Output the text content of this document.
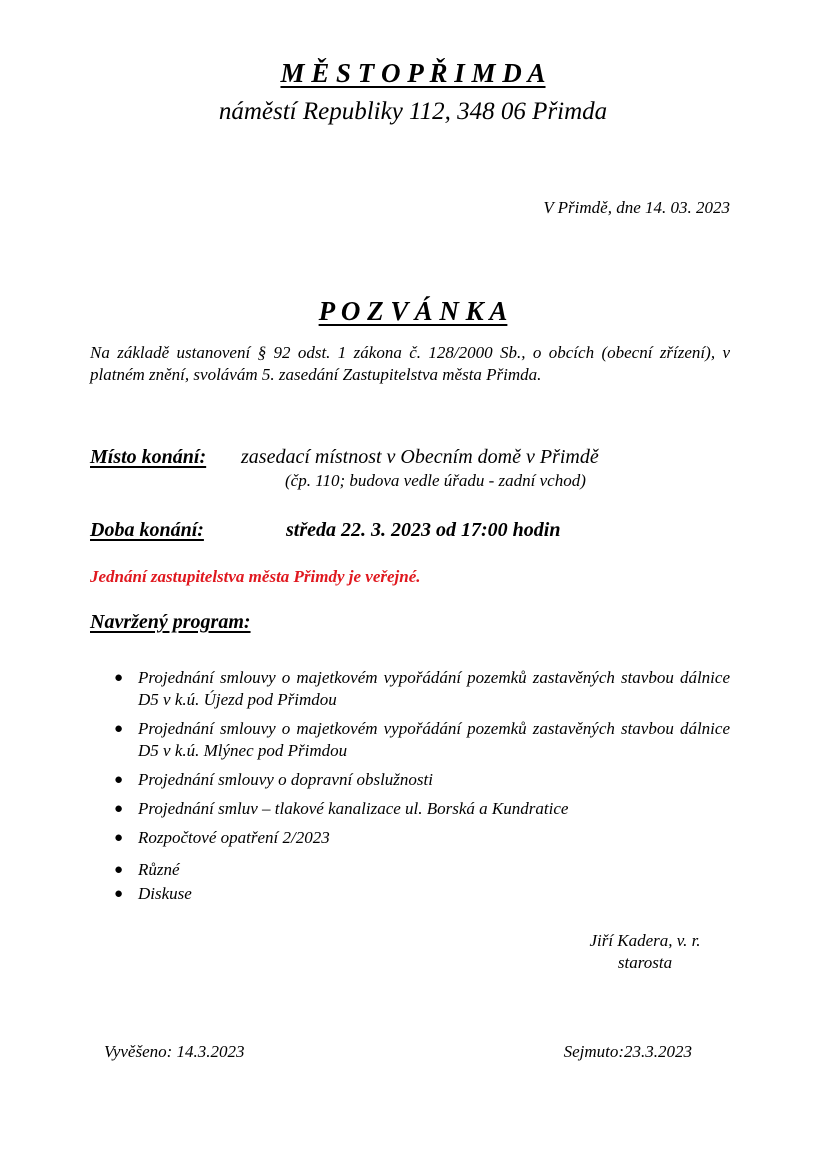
M Ě S T O P Ř I M D A
náměstí Republiky 112, 348 06 Přimda
V Přimdě, dne 14. 03. 2023
P O Z V Á N K A
Na základě ustanovení § 92 odst. 1 zákona č. 128/2000 Sb., o obcích (obecní zřízení), v platném znění, svolávám 5. zasedání Zastupitelstva města Přimda.
Místo konání: zasedací místnost v Obecním domě v Přimdě
(čp. 110; budova vedle úřadu - zadní vchod)
Doba konání:	středa 22. 3. 2023 od 17:00 hodin
Jednání zastupitelstva města Přimdy je veřejné.
Navržený program:
● Projednání smlouvy o majetkovém vypořádání pozemků zastavěných stavbou dálnice D5 v k.ú. Újezd pod Přimdou
● Projednání smlouvy o majetkovém vypořádání pozemků zastavěných stavbou dálnice D5 v k.ú. Mlýnec pod Přimdou
● Projednání smlouvy o dopravní obslužnosti
● Projednání smluv – tlakové kanalizace ul. Borská a Kundratice
● Rozpočtové opatření 2/2023
● Různé
● Diskuse
Jiří Kadera, v. r.
starosta
Vyvěšeno: 14.3.2023	Sejmuto:23.3.2023
